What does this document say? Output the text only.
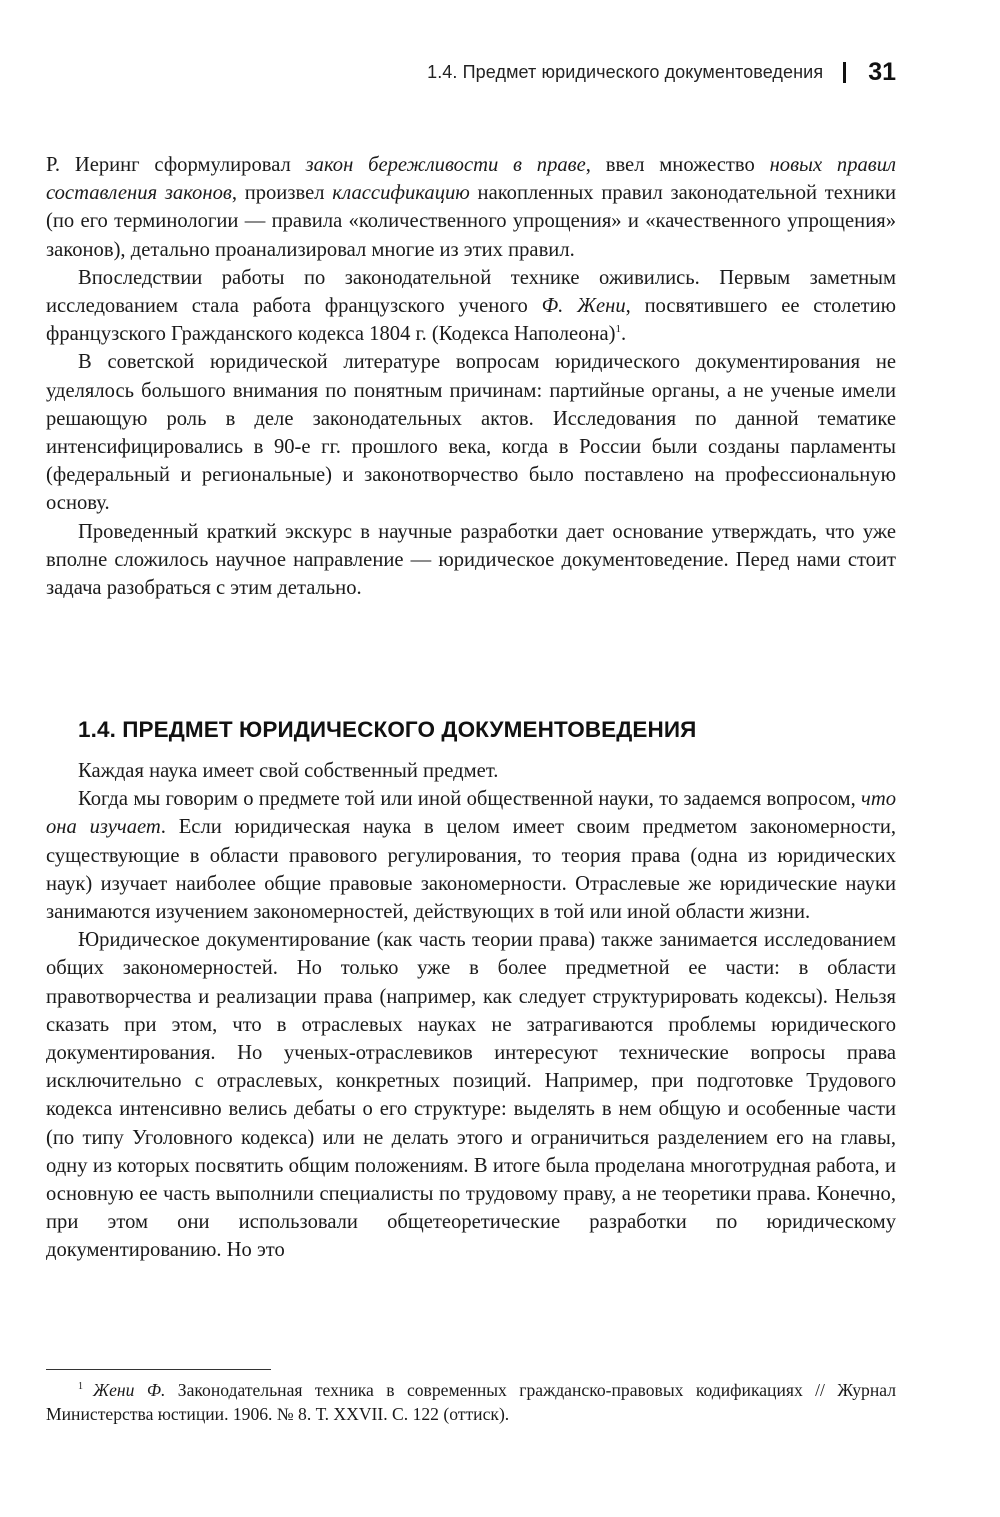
1.4. Предмет юридического документоведения 31

Р. Иеринг сформулировал закон бережливости в праве, ввел множество новых правил составления законов, произвел классификацию накопленных правил законодательной техники (по его терминологии — правила «количественного упрощения» и «качественного упрощения» законов), детально проанализировал многие из этих правил.

Впоследствии работы по законодательной технике оживились. Первым заметным исследованием стала работа французского ученого Ф. Жени, посвятившего ее столетию французского Гражданского кодекса 1804 г. (Кодекса Наполеона)$^1$.

В советской юридической литературе вопросам юридического документирования не уделялось большого внимания по понятным причинам: партийные органы, а не ученые имели решающую роль в деле законодательных актов. Исследования по данной тематике интенсифицировались в 90-е гг. прошлого века, когда в России были созданы парламенты (федеральный и региональные) и законотворчество было поставлено на профессиональную основу.

Проведенный краткий экскурс в научные разработки дает основание утверждать, что уже вполне сложилось научное направление — юридическое документоведение. Перед нами стоит задача разобраться с этим детально.

1.4. ПРЕДМЕТ ЮРИДИЧЕСКОГО ДОКУМЕНТОВЕДЕНИЯ

Каждая наука имеет свой собственный предмет.

Когда мы говорим о предмете той или иной общественной науки, то задаемся вопросом, что она изучает. Если юридическая наука в целом имеет своим предметом закономерности, существующие в области правового регулирования, то теория права (одна из юридических наук) изучает наиболее общие правовые закономерности. Отраслевые же юридические науки занимаются изучением закономерностей, действующих в той или иной области жизни.

Юридическое документирование (как часть теории права) также занимается исследованием общих закономерностей. Но только уже в более предметной ее части: в области правотворчества и реализации права (например, как следует структурировать кодексы). Нельзя сказать при этом, что в отраслевых науках не затрагиваются проблемы юридического документирования. Но ученых-отраслевиков интересуют технические вопросы права исключительно с отраслевых, конкретных позиций. Например, при подготовке Трудового кодекса интенсивно велись дебаты о его структуре: выделять в нем общую и особенные части (по типу Уголовного кодекса) или не делать этого и ограничиться разделением его на главы, одну из которых посвятить общим положениям. В итоге была проделана многотрудная работа, и основную ее часть выполнили специалисты по трудовому праву, а не теоретики права. Конечно, при этом они использовали общетеоретические разработки по юридическому документированию. Но это

$^1$ Жени Ф. Законодательная техника в современных гражданско-правовых кодификациях // Журнал Министерства юстиции. 1906. № 8. Т. XXVII. С. 122 (оттиск).
